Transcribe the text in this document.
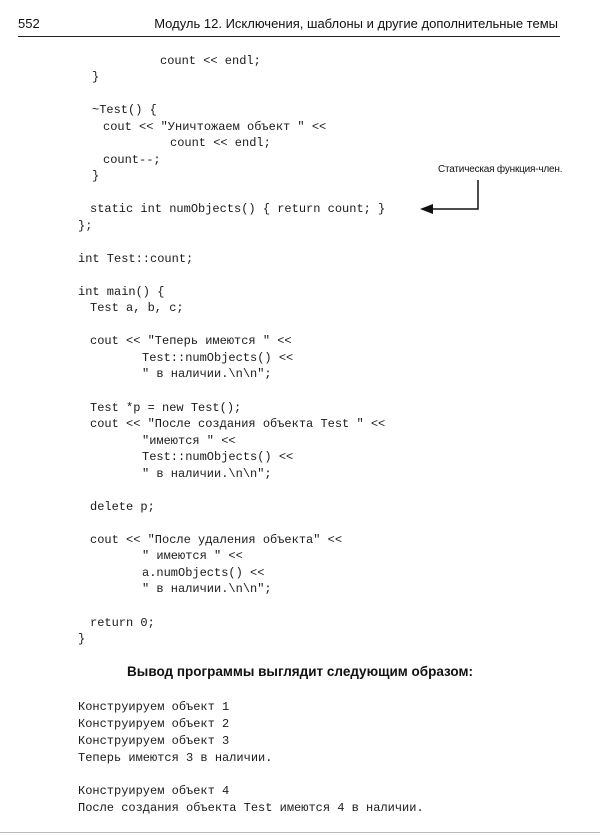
552	Модуль 12. Исключения, шаблоны и другие дополнительные темы
count << endl;
}
~Test() {
cout << "Уничтожаем объект " <<
count << endl;
count--;
}
static int numObjects() { return count; }
};
int Test::count;
int main() {
Test a, b, c;
cout << "Теперь имеются " <<
Test::numObjects() <<
" в наличии.\n\n";
Test *p = new Test();
cout << "После создания объекта Test " <<
"имеются " <<
Test::numObjects() <<
" в наличии.\n\n";
delete p;
cout << "После удаления объекта" <<
" имеются " <<
a.numObjects() <<
" в наличии.\n\n";
return 0;
}
Статическая функция-член.
Вывод программы выглядит следующим образом:
Конструируем объект 1
Конструируем объект 2
Конструируем объект 3
Теперь имеются 3 в наличии.
Конструируем объект 4
После создания объекта Test имеются 4 в наличии.
